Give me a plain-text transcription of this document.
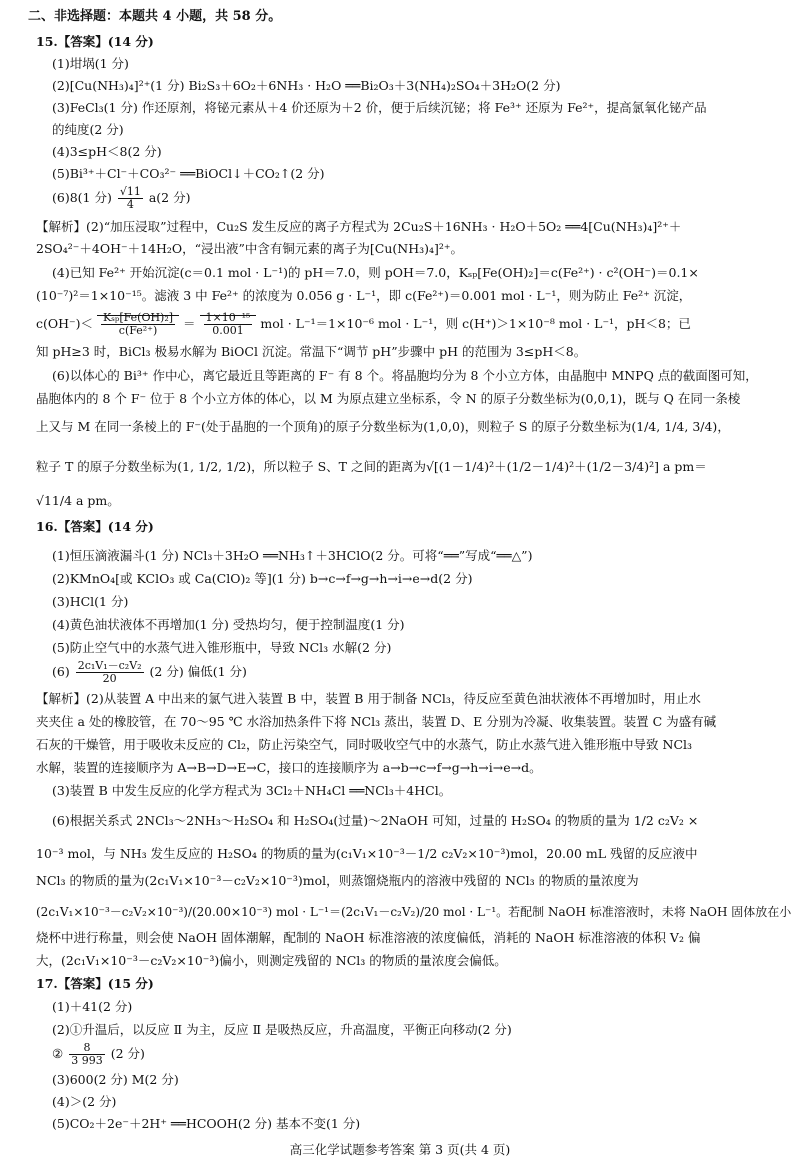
二、非选择题：本题共 4 小题，共 58 分。
15.【答案】(14 分)
(1)坩埚(1 分)
(2)[Cu(NH₃)₄]²⁺(1 分) Bi₂S₃＋6O₂＋6NH₃ · H₂O ══Bi₂O₃＋3(NH₄)₂SO₄＋3H₂O(2 分)
(3)FeCl₃(1 分) 作还原剂，将铋元素从＋4 价还原为＋2 价，便于后续沉铋；将 Fe³⁺ 还原为 Fe²⁺，提高氯氧化铋产品
的纯度(2 分)
(4)3≤pH＜8(2 分)
(5)Bi³⁺＋Cl⁻＋CO₃²⁻ ══BiOCl↓＋CO₂↑(2 分)
(6)8(1 分) $\frac{√11}{4} a(2$ 分)
【解析】(2)“加压浸取”过程中，Cu₂S 发生反应的离子方程式为 2Cu₂S＋16NH₃ · H₂O＋5O₂ ══4[Cu(NH₃)₄]²⁺＋
2SO₄²⁻＋4OH⁻＋14H₂O，“浸出液”中含有铜元素的离子为[Cu(NH₃)₄]²⁺。
(4)已知 Fe²⁺ 开始沉淀(c＝0.1 mol · L⁻¹)的 pH＝7.0，则 pOH＝7.0，Kₛₚ[Fe(OH)₂]＝c(Fe²⁺) · c²(OH⁻)＝0.1×
(10⁻⁷)²＝1×10⁻¹⁵。滤液 3 中 Fe²⁺ 的浓度为 0.056 g · L⁻¹，即 c(Fe²⁺)＝0.001 mol · L⁻¹，则为防止 Fe²⁺ 沉淀，
$c(OH^-)< \frac{\text{Kₛₚ[Fe(OH)₂]}}{\text{c(Fe²⁺)}} = \frac{\text{1×10⁻¹⁵}}{0.001}$ mol · L⁻¹＝1×10⁻⁶ mol · L⁻¹，则 c(H⁺)＞1×10⁻⁸ mol · L⁻¹，pH＜8；已
知 pH≥3 时，BiCl₃ 极易水解为 BiOCl 沉淀。常温下“调节 pH”步骤中 pH 的范围为 3≤pH＜8。
(6)以体心的 Bi³⁺ 作中心，离它最近且等距离的 F⁻ 有 8 个。将晶胞均分为 8 个小立方体，由晶胞中 MNPQ 点的截面图可知，
晶胞体内的 8 个 F⁻ 位于 8 个小立方体的体心，以 M 为原点建立坐标系，令 N 的原子分数坐标为(0,0,1)，既与 Q 在同一条棱
上又与 M 在同一条棱上的 F⁻(处于晶胞的一个顶角)的原子分数坐标为(1,0,0)，则粒子 S 的原子分数坐标为(1/4, 1/4, 3/4)，
粒子 T 的原子分数坐标为(1, 1/2, 1/2)，所以粒子 S、T 之间的距离为√[(1－1/4)²＋(1/2－1/4)²＋(1/2－3/4)²] a pm＝
√11/4 a pm。
16.【答案】(14 分)
(1)恒压滴液漏斗(1 分) NCl₃＋3H₂O ══NH₃↑＋3HClO(2 分。可将“══”写成“══△”)
(2)KMnO₄[或 KClO₃ 或 Ca(ClO)₂ 等](1 分) b→c→f→g→h→i→e→d(2 分)
(3)HCl(1 分)
(4)黄色油状液体不再增加(1 分) 受热均匀，便于控制温度(1 分)
(5)防止空气中的水蒸气进入锥形瓶中，导致 NCl₃ 水解(2 分)
$(6) \frac{\text{2c₁V₁－c₂V₂}}{20} (2$ 分) 偏低(1 分)
【解析】(2)从装置 A 中出来的氯气进入装置 B 中，装置 B 用于制备 NCl₃，待反应至黄色油状液体不再增加时，用止水
夹夹住 a 处的橡胶管，在 70～95 ℃ 水浴加热条件下将 NCl₃ 蒸出，装置 D、E 分别为冷凝、收集装置。装置 C 为盛有碱
石灰的干燥管，用于吸收未反应的 Cl₂，防止污染空气，同时吸收空气中的水蒸气，防止水蒸气进入锥形瓶中导致 NCl₃
水解，装置的连接顺序为 A→B→D→E→C，接口的连接顺序为 a→b→c→f→g→h→i→e→d。
(3)装置 B 中发生反应的化学方程式为 3Cl₂＋NH₄Cl ══NCl₃＋4HCl。
(6)根据关系式 2NCl₃～2NH₃～H₂SO₄ 和 H₂SO₄(过量)～2NaOH 可知，过量的 H₂SO₄ 的物质的量为 1/2 c₂V₂ ×
10⁻³ mol，与 NH₃ 发生反应的 H₂SO₄ 的物质的量为(c₁V₁×10⁻³－1/2 c₂V₂×10⁻³)mol，20.00 mL 残留的反应液中
NCl₃ 的物质的量为(2c₁V₁×10⁻³－c₂V₂×10⁻³)mol，则蒸馏烧瓶内的溶液中残留的 NCl₃ 的物质的量浓度为
(2c₁V₁×10⁻³－c₂V₂×10⁻³)/(20.00×10⁻³) mol · L⁻¹＝(2c₁V₁－c₂V₂)/20 mol · L⁻¹。若配制 NaOH 标准溶液时，未将 NaOH 固体放在小
烧杯中进行称量，则会使 NaOH 固体潮解，配制的 NaOH 标准溶液的浓度偏低，消耗的 NaOH 标准溶液的体积 V₂ 偏
大，(2c₁V₁×10⁻³－c₂V₂×10⁻³)偏小，则测定残留的 NCl₃ 的物质的量浓度会偏低。
17.【答案】(15 分)
(1)＋41(2 分)
(2)①升温后，以反应 Ⅱ 为主，反应 Ⅱ 是吸热反应，升高温度，平衡正向移动(2 分)
② $\frac{8}{3 993} (2$ 分)
(3)600(2 分) M(2 分)
(4)＞(2 分)
(5)CO₂＋2e⁻＋2H⁺ ══HCOOH(2 分) 基本不变(1 分)
高三化学试题参考答案 第 3 页(共 4 页)
